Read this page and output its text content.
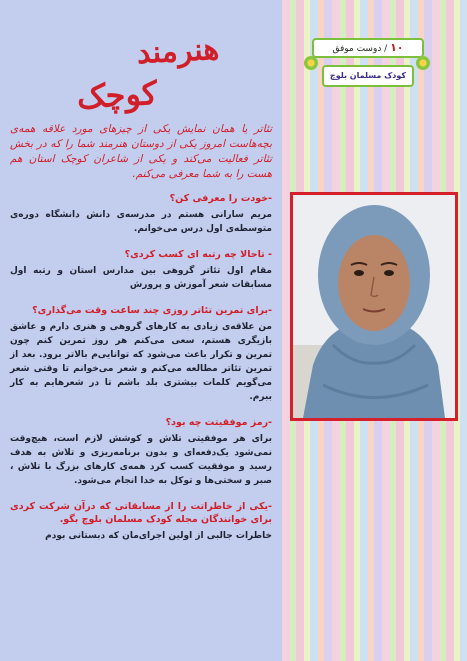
۱۰ / دوست موفق
کودک مسلمان بلوچ
هنرمند
کوچک

تئاتر یا همان نمایش یکی از چیزهای مورد علاقه همه‌ی بچه‌هاست امروز یکی از دوستان هنرمند شما را که در بخش تئاتر فعالیت می‌کند و یکی از شاعران کوچک استان هم هست را به شما معرفی می‌کنم.

-خودت را معرفی کن؟

مریم سارانی هستم در مدرسه‌ی دانش دانشگاه دوره‌ی متوسطه‌ی اول درس می‌خوانم.

- تاحالا چه رتبه ای کسب کردی؟

مقام اول تئاتر گروهی بین مدارس استان و رتبه اول مسابقات شعر آموزش و پرورش

-برای تمرین تئاتر روزی چند ساعت وقت می‌گذاری؟

من علاقه‌ی زیادی به کارهای گروهی و هنری دارم و عاشق بازیگری هستم، سعی می‌کنم هر روز تمرین کنم چون تمرین و تکرار باعث می‌شود که توانایی‌م بالاتر برود. بعد از تمرین تئاتر مطالعه می‌کنم و شعر می‌خوانم تا وقتی شعر می‌گویم کلمات بیشتری بلد باشم تا در شعرهایم به کار ببرم.

-رمز موفقیتت چه بود؟

برای هر موفقیتی تلاش و کوشش لازم است، هیچ‌وقت نمی‌شود یک‌دفعه‌ای و بدون برنامه‌ریزی و تلاش به هدف رسید و موفقیت کسب کرد همه‌ی کارهای بزرگ با تلاش ، صبر و سختی‌ها و توکل به خدا انجام می‌شود.

-یکی از خاطراتت را از مسابقاتی که درآن شرکت کردی برای خوانندگان مجله کودک مسلمان بلوچ بگو.

خاطرات جالبی از اولین اجرای‌مان که دبستانی بودم
